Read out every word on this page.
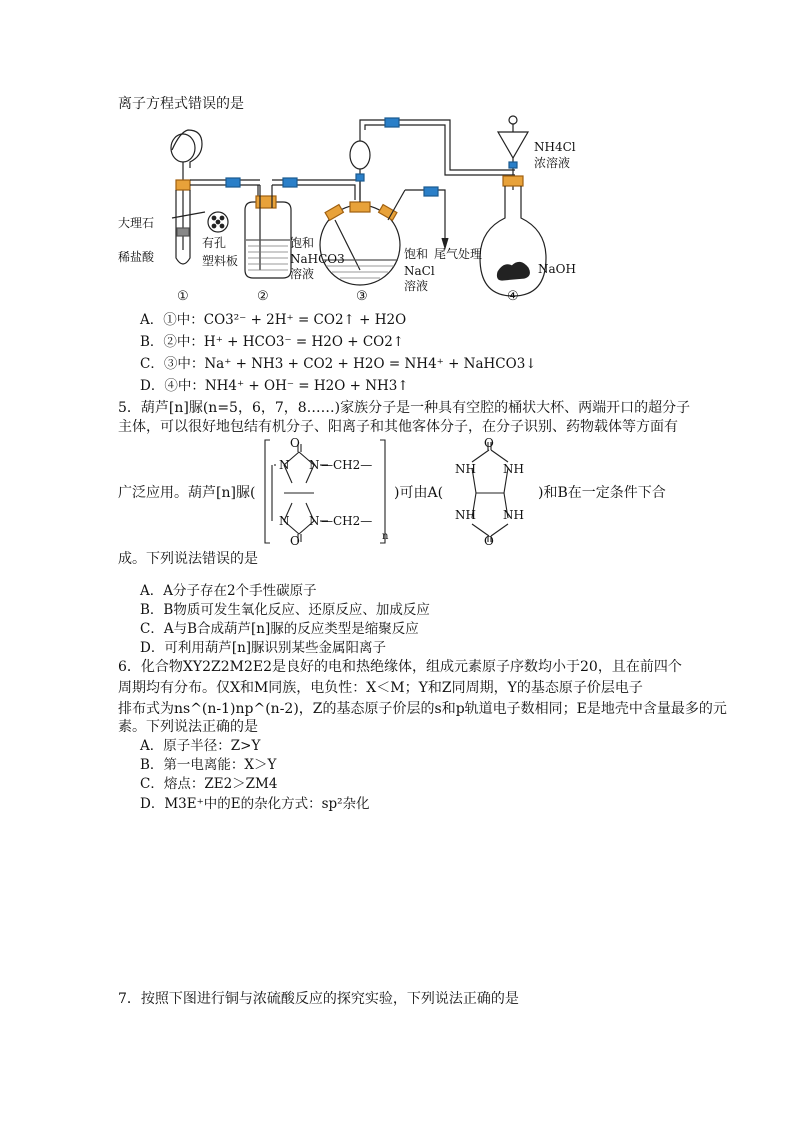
离子方程式错误的是
大理石
稀盐酸
有孔
塑料板
饱和
NaHCO3
溶液
饱和
NaCl
溶液
尾气处理
NH4Cl
浓溶液
NaOH
①	②	③	④
A．①中：CO3²⁻ + 2H⁺ = CO2↑ + H2O
B．②中：H⁺ + HCO3⁻ = H2O + CO2↑
C．③中：Na⁺ + NH3 + CO2 + H2O = NH4⁺ + NaHCO3↓
D．④中：NH4⁺ + OH⁻ = H2O + NH3↑
5．葫芦[n]脲(n=5，6，7，8……)家族分子是一种具有空腔的桶状大杯、两端开口的超分子
主体，可以很好地包结有机分子、阳离子和其他客体分子，在分子识别、药物载体等方面有
广泛应用。葫芦[n]脲(	)可由A(	)和B在一定条件下合
O
N N —CH2—
N N —CH2—
O	n
O
NH NH
NH NH
O
成。下列说法错误的是
A．A分子存在2个手性碳原子
B．B物质可发生氧化反应、还原反应、加成反应
C．A与B合成葫芦[n]脲的反应类型是缩聚反应
D．可利用葫芦[n]脲识别某些金属阳离子
6．化合物XY2Z2M2E2是良好的电和热绝缘体，组成元素原子序数均小于20，且在前四个
周期均有分布。仅X和M同族，电负性：X＜M；Y和Z同周期，Y的基态原子价层电子
排布式为ns^(n-1)np^(n-2)，Z的基态原子价层的s和p轨道电子数相同；E是地壳中含量最多的元
素。下列说法正确的是
A．原子半径：Z>Y
B．第一电离能：X＞Y
C．熔点：ZE2＞ZM4
D．M3E⁺中的E的杂化方式：sp²杂化
7．按照下图进行铜与浓硫酸反应的探究实验，下列说法正确的是
